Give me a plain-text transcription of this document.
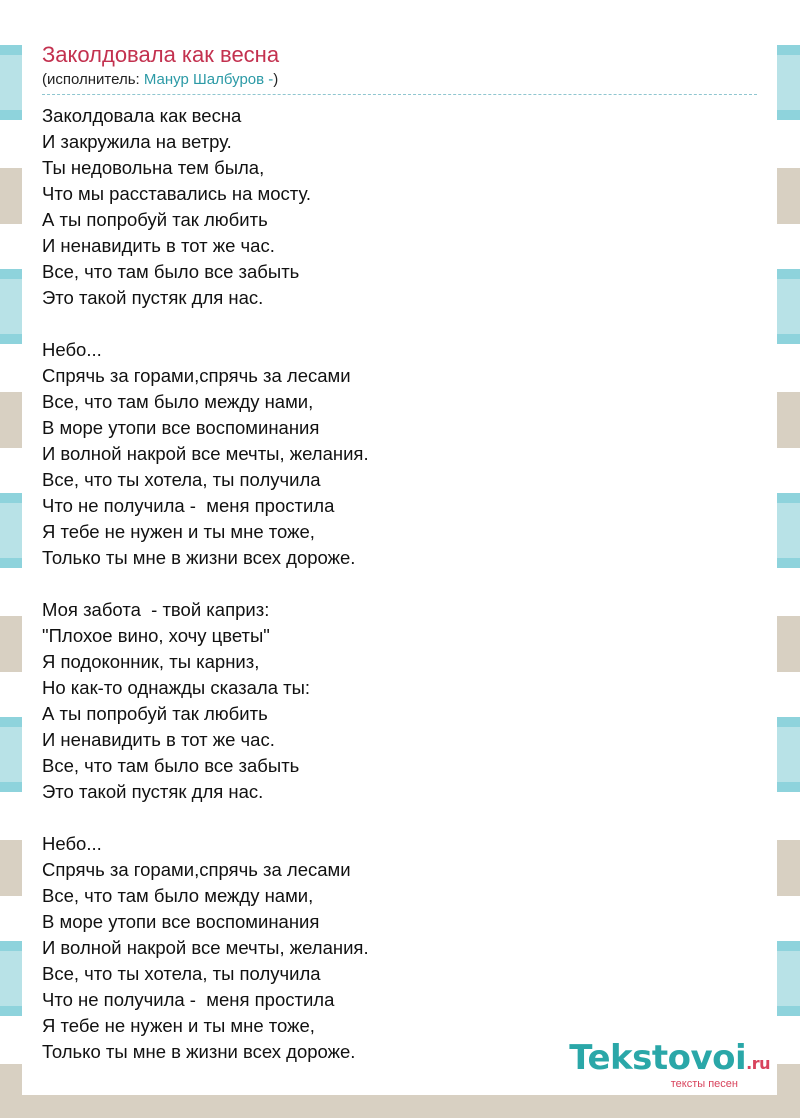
Заколдовала как весна
(исполнитель: Манур Шалбуров -)
Заколдовала как весна
И закружила на ветру.
Ты недовольна тем была,
Что мы расставались на мосту.
А ты попробуй так любить
И ненавидить в тот же час.
Все, что там было все забыть
Это такой пустяк для нас.
Небо...
Спрячь за горами,спрячь за лесами
Все, что там было между нами,
В море утопи все воспоминания
И волной накрой все мечты, желания.
Все, что ты хотела, ты получила
Что не получила -  меня простила
Я тебе не нужен и ты мне тоже,
Только ты мне в жизни всех дороже.
Моя забота  - твой каприз:
"Плохое вино, хочу цветы"
Я подоконник, ты карниз,
Но как-то однажды сказала ты:
А ты попробуй так любить
И ненавидить в тот же час.
Все, что там было все забыть
Это такой пустяк для нас.
Небо...
Спрячь за горами,спрячь за лесами
Все, что там было между нами,
В море утопи все воспоминания
И волной накрой все мечты, желания.
Все, что ты хотела, ты получила
Что не получила -  меня простила
Я тебе не нужен и ты мне тоже,
Только ты мне в жизни всех дороже.	Tekstovoi.ru
тексты песен
